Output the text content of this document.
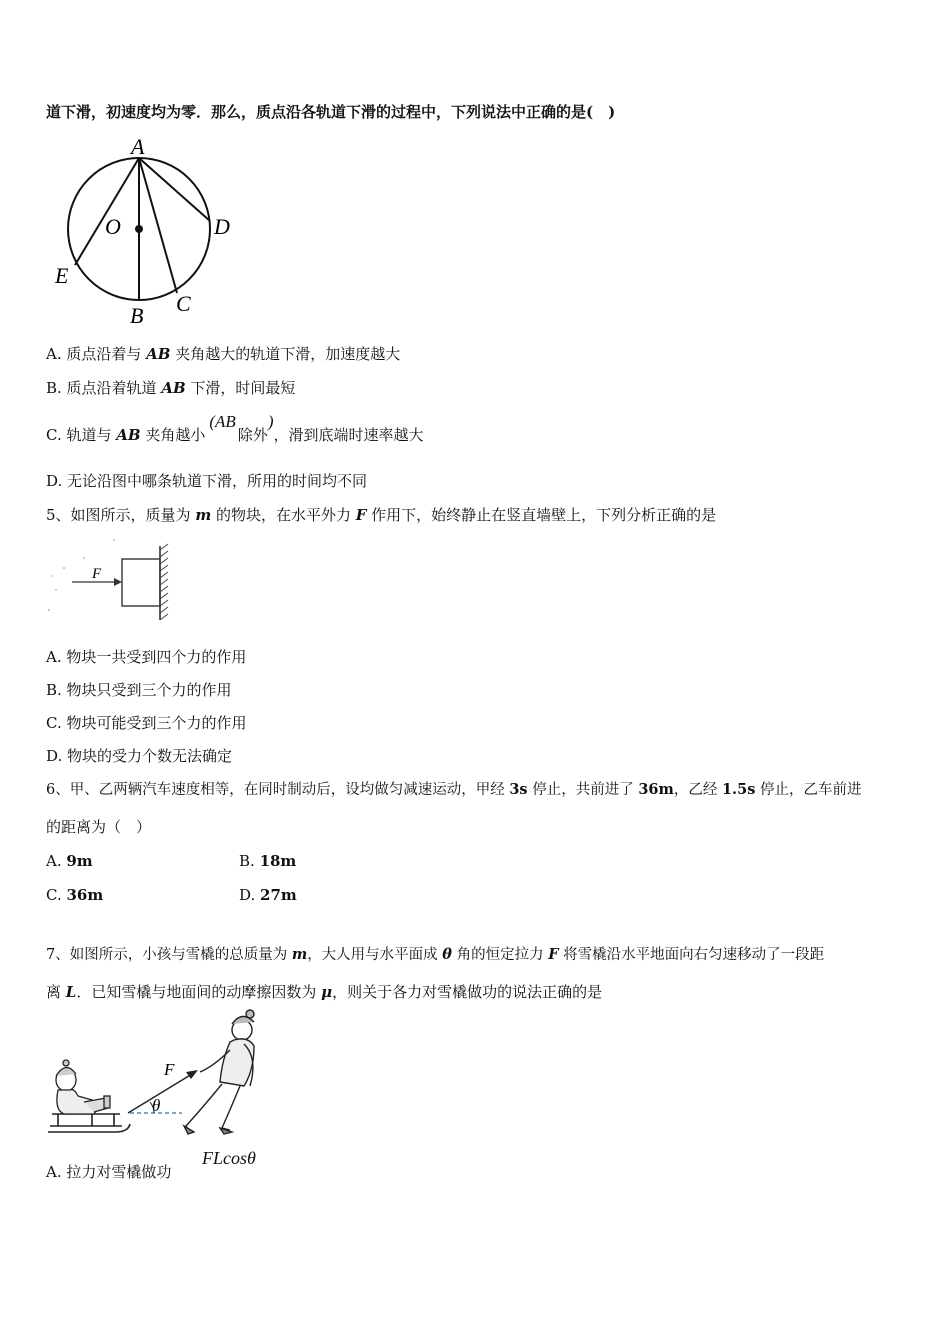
道下滑，初速度均为零．那么，质点沿各轨道下滑的过程中，下列说法中正确的是(　)
A
O	D
E
C
B
A. 质点沿着与 AB 夹角越大的轨道下滑，加速度越大
B. 质点沿着轨道 AB 下滑，时间最短
C. 轨道与 AB 夹角越小(AB除外)，滑到底端时速率越大
D. 无论沿图中哪条轨道下滑，所用的时间均不同
5、如图所示，质量为 m 的物块，在水平外力 F 作用下，始终静止在竖直墙壁上，下列分析正确的是
F
A. 物块一共受到四个力的作用
B. 物块只受到三个力的作用
C. 物块可能受到三个力的作用
D. 物块的受力个数无法确定
6、甲、乙两辆汽车速度相等，在同时制动后，设均做匀减速运动，甲经 3s 停止，共前进了 36m，乙经 1.5s 停止，乙车前进
的距离为（　）
A. 9m	B. 18m
C. 36m	D. 27m
7、如图所示，小孩与雪橇的总质量为 m，大人用与水平面成 θ 角的恒定拉力 F 将雪橇沿水平地面向右匀速移动了一段距
离 L．已知雪橇与地面间的动摩擦因数为 μ，则关于各力对雪橇做功的说法正确的是
F
θ
A. 拉力对雪橇做功
FLcosθ
